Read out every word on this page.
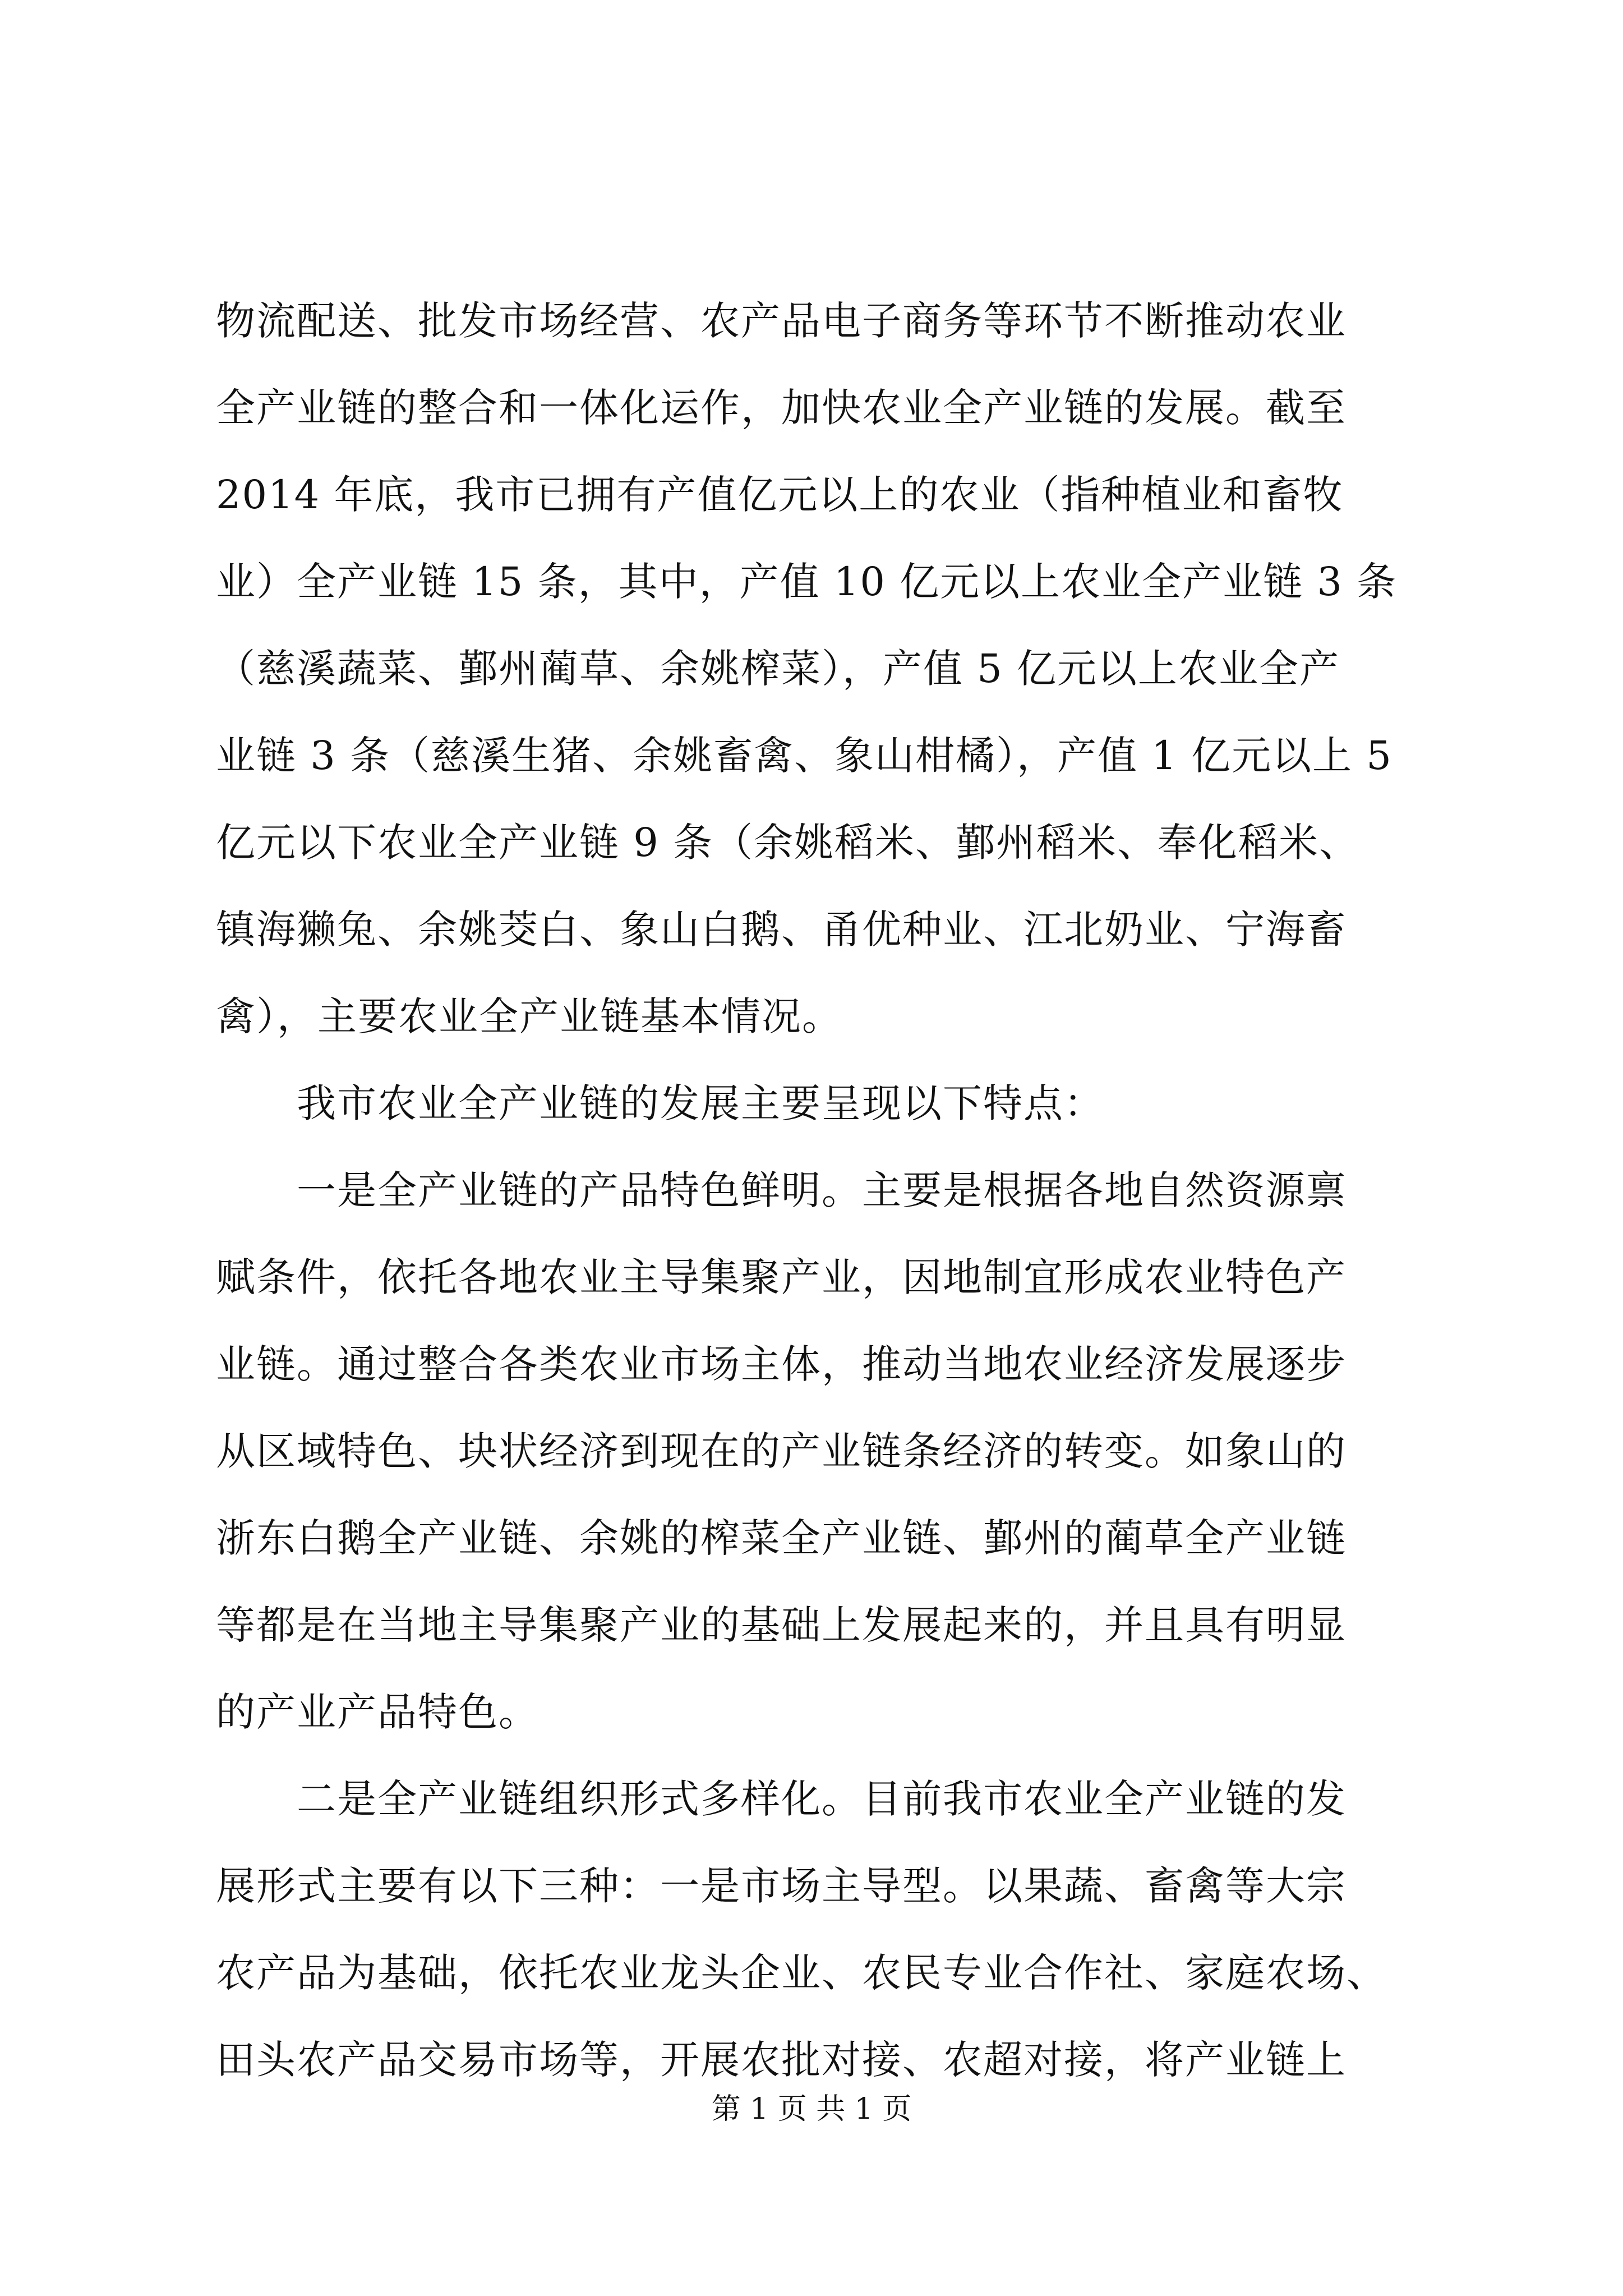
物流配送、批发市场经营、农产品电子商务等环节不断推动农业
全产业链的整合和一体化运作，加快农业全产业链的发展。截至
2014 年底，我市已拥有产值亿元以上的农业（指种植业和畜牧
业）全产业链 15 条，其中，产值 10 亿元以上农业全产业链 3 条
（慈溪蔬菜、鄞州蔺草、余姚榨菜），产值 5 亿元以上农业全产
业链 3 条（慈溪生猪、余姚畜禽、象山柑橘），产值 1 亿元以上 5
亿元以下农业全产业链 9 条（余姚稻米、鄞州稻米、奉化稻米、
镇海獭兔、余姚茭白、象山白鹅、甬优种业、江北奶业、宁海畜
禽），主要农业全产业链基本情况。
　　我市农业全产业链的发展主要呈现以下特点：
　　一是全产业链的产品特色鲜明。主要是根据各地自然资源禀
赋条件，依托各地农业主导集聚产业，因地制宜形成农业特色产
业链。通过整合各类农业市场主体，推动当地农业经济发展逐步
从区域特色、块状经济到现在的产业链条经济的转变。如象山的
浙东白鹅全产业链、余姚的榨菜全产业链、鄞州的蔺草全产业链
等都是在当地主导集聚产业的基础上发展起来的，并且具有明显
的产业产品特色。
　　二是全产业链组织形式多样化。目前我市农业全产业链的发
展形式主要有以下三种：一是市场主导型。以果蔬、畜禽等大宗
农产品为基础，依托农业龙头企业、农民专业合作社、家庭农场、
田头农产品交易市场等，开展农批对接、农超对接，将产业链上
第 1 页 共 1 页
